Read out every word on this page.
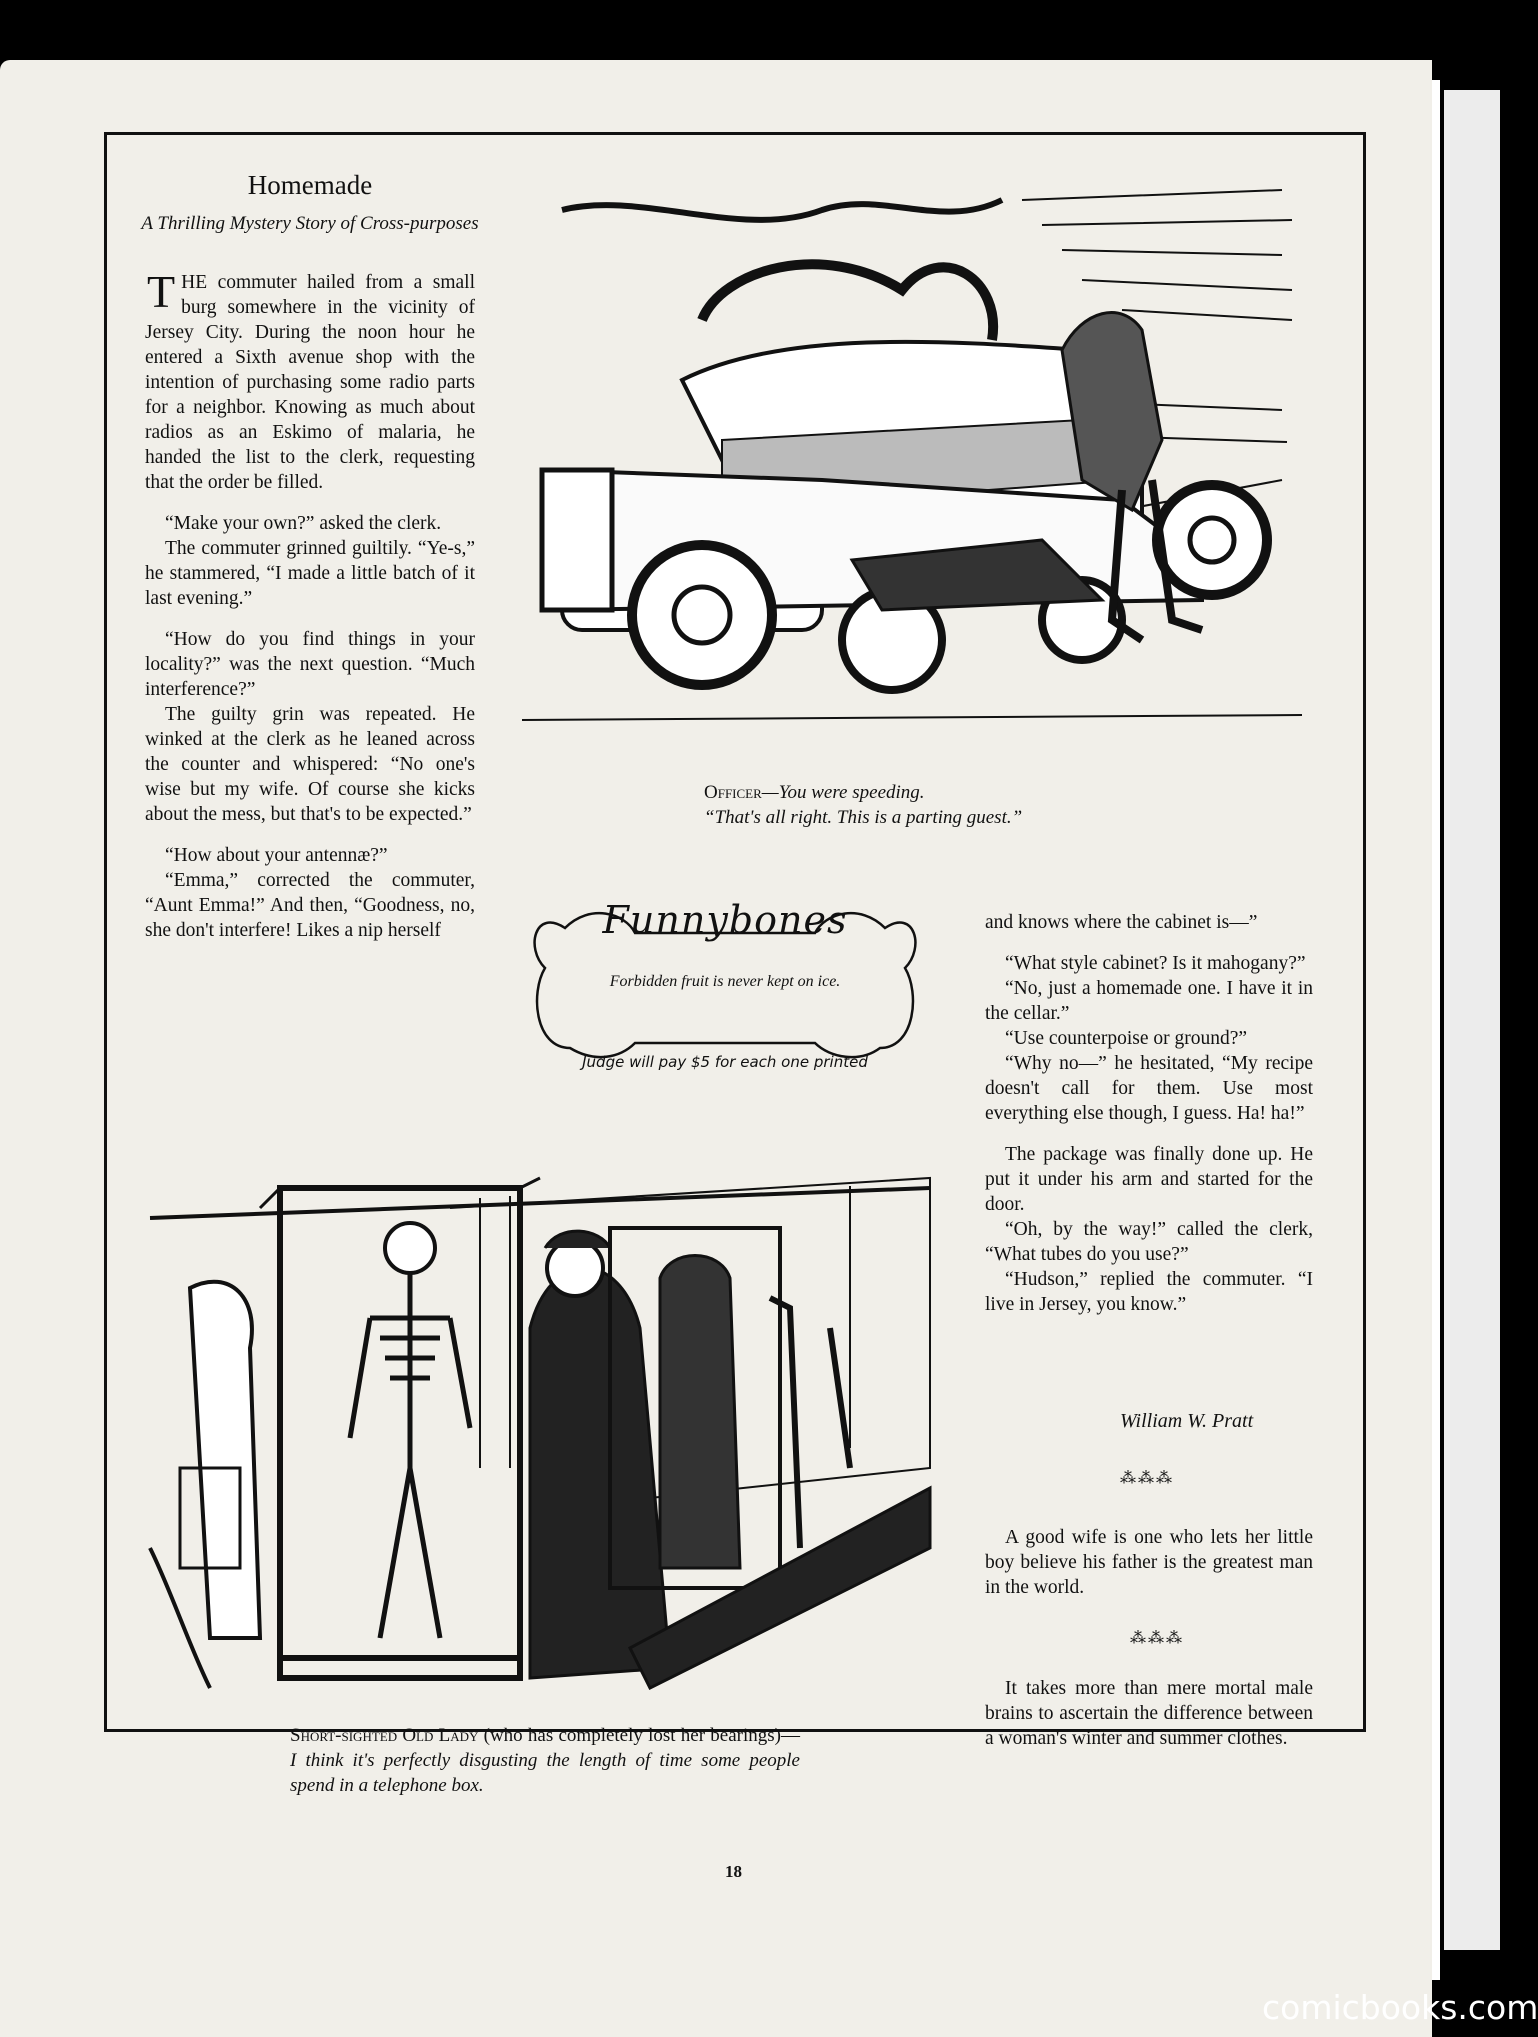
Homemade
A Thrilling Mystery Story of Cross-purposes

THE commuter hailed from a small burg somewhere in the vicinity of Jersey City. During the noon hour he entered a Sixth avenue shop with the intention of purchasing some radio parts for a neighbor. Knowing as much about radios as an Eskimo of malaria, he handed the list to the clerk, requesting that the order be filled.

“Make your own?” asked the clerk.

The commuter grinned guiltily. “Ye-s,” he stammered, “I made a little batch of it last evening.”

“How do you find things in your locality?” was the next question. “Much interference?”

The guilty grin was repeated. He winked at the clerk as he leaned across the counter and whispered: “No one's wise but my wife. Of course she kicks about the mess, but that's to be expected.”

“How about your antennæ?”

“Emma,” corrected the commuter, “Aunt Emma!” And then, “Goodness, no, she don't interfere! Likes a nip herself

Officer—You were speeding.
“That's all right. This is a parting guest.”
Funnybones
Forbidden fruit is never kept on ice.
Judge will pay $5 for each one printed

and knows where the cabinet is—”

“What style cabinet? Is it mahogany?”

“No, just a homemade one. I have it in the cellar.”

“Use counterpoise or ground?”

“Why no—” he hesitated, “My recipe doesn't call for them. Use most everything else though, I guess. Ha! ha!”

The package was finally done up. He put it under his arm and started for the door.

“Oh, by the way!” called the clerk, “What tubes do you use?”

“Hudson,” replied the commuter. “I live in Jersey, you know.”

William W. Pratt
⁂⁂⁂

A good wife is one who lets her little boy believe his father is the greatest man in the world.

⁂⁂⁂

It takes more than mere mortal male brains to ascertain the difference between a woman's winter and summer clothes.

Short-sighted Old Lady (who has completely lost her bearings)—I think it's perfectly disgusting the length of time some people spend in a telephone box.
18
comicbooks.com
